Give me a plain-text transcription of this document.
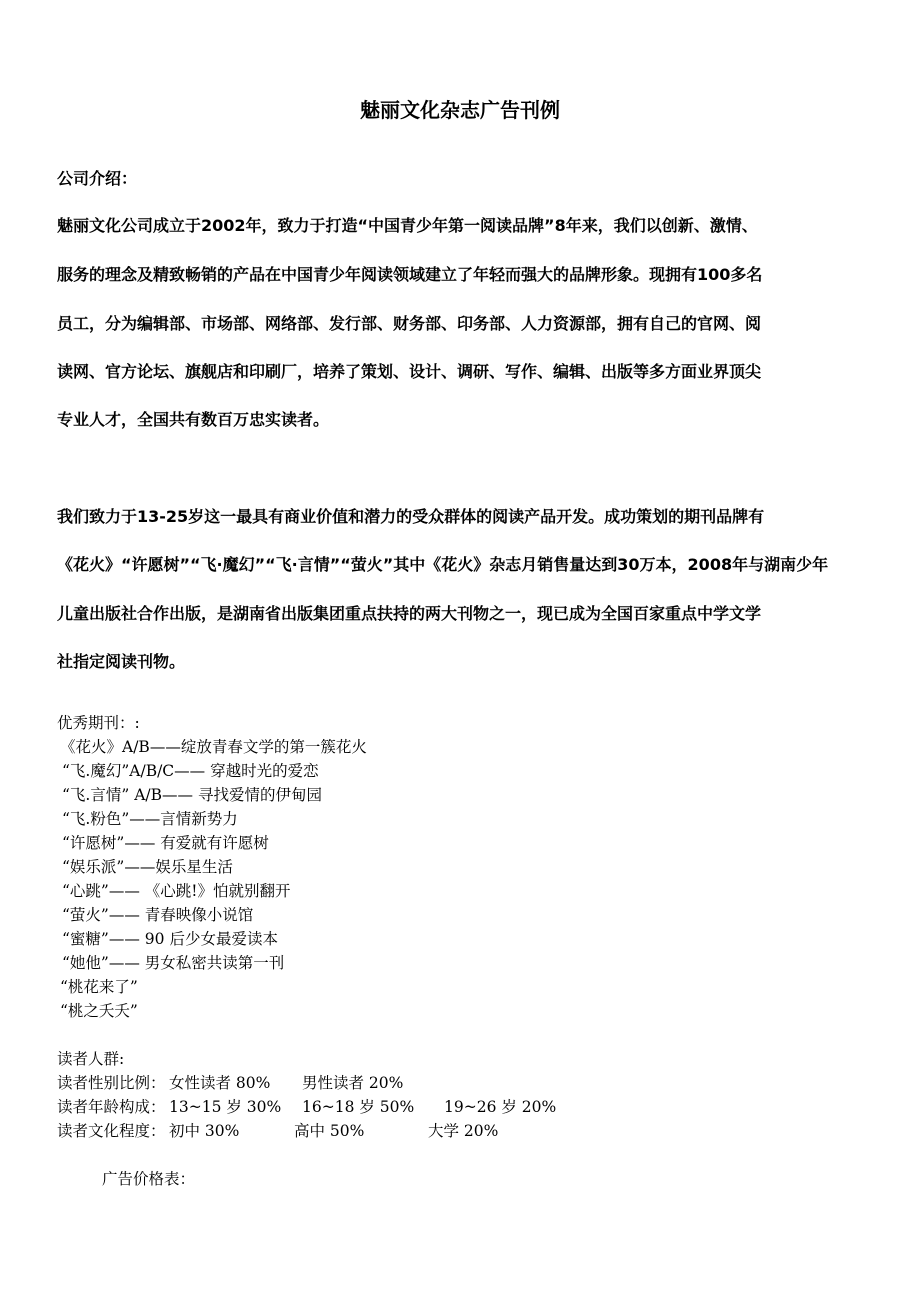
魅丽文化杂志广告刊例
公司介绍：
魅丽文化公司成立于2002年，致力于打造“中国青少年第一阅读品牌”8年来，我们以创新、激情、
服务的理念及精致畅销的产品在中国青少年阅读领域建立了年轻而强大的品牌形象。现拥有100多名
员工，分为编辑部、市场部、网络部、发行部、财务部、印务部、人力资源部，拥有自己的官网、阅
读网、官方论坛、旗舰店和印刷厂，培养了策划、设计、调研、写作、编辑、出版等多方面业界顶尖
专业人才，全国共有数百万忠实读者。
我们致力于13-25岁这一最具有商业价值和潜力的受众群体的阅读产品开发。成功策划的期刊品牌有
《花火》“许愿树”“飞·魔幻”“飞·言情”“萤火”其中《花火》杂志月销售量达到30万本，2008年与湖南少年
儿童出版社合作出版，是湖南省出版集团重点扶持的两大刊物之一，现已成为全国百家重点中学文学
社指定阅读刊物。
优秀期刊：:
《花火》A/B——绽放青春文学的第一簇花火
“飞.魔幻”A/B/C—— 穿越时光的爱恋
“飞.言情” A/B—— 寻找爱情的伊甸园
“飞.粉色”——言情新势力
“许愿树”—— 有爱就有许愿树
“娱乐派”——娱乐星生活
“心跳”—— 《心跳!》怕就别翻开
“萤火”—— 青春映像小说馆
“蜜糖”—— 90 后少女最爱读本
“她他”—— 男女私密共读第一刊
“桃花来了”
“桃之夭夭”
读者人群:
读者性别比例： 女性读者 80% 男性读者 20%
读者年龄构成： 13~15 岁 30% 16~18 岁 50% 19~26 岁 20%
读者文化程度： 初中 30%	高中 50%	大学 20%
广告价格表：
